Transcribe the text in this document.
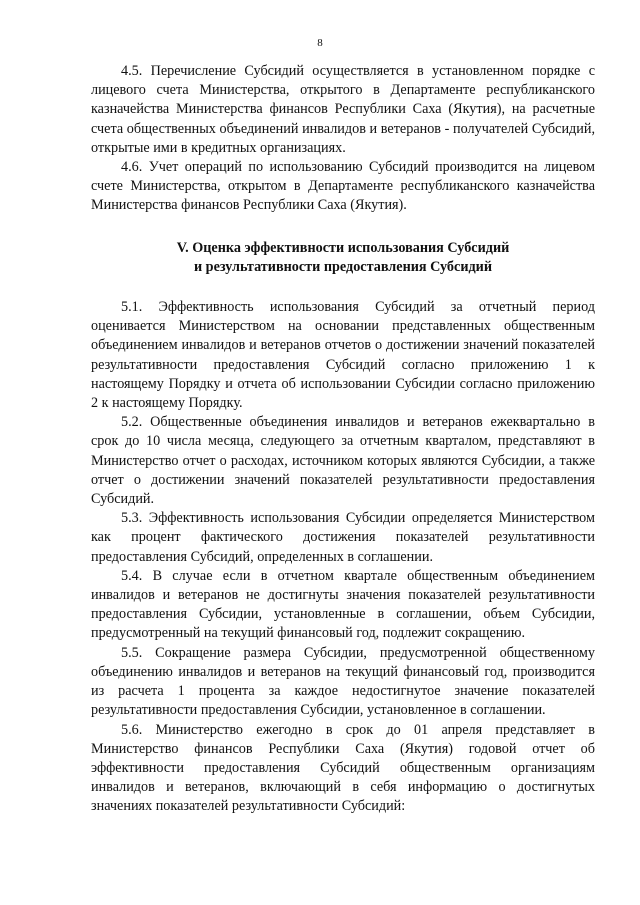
8

4.5. Перечисление Субсидий осуществляется в установленном порядке с лицевого счета Министерства, открытого в Департаменте республиканского казначейства Министерства финансов Республики Саха (Якутия), на расчетные счета общественных объединений инвалидов и ветеранов - получателей Субсидий, открытые ими в кредитных организациях.

4.6. Учет операций по использованию Субсидий производится на лицевом счете Министерства, открытом в Департаменте республиканского казначейства Министерства финансов Республики Саха (Якутия).

V. Оценка эффективности использования Субсидий
и результативности предоставления Субсидий

5.1. Эффективность использования Субсидий за отчетный период оценивается Министерством на основании представленных общественным объединением инвалидов и ветеранов отчетов о достижении значений показателей результативности предоставления Субсидий согласно приложению 1 к настоящему Порядку и отчета об использовании Субсидии согласно приложению 2 к настоящему Порядку.

5.2. Общественные объединения инвалидов и ветеранов ежеквартально в срок до 10 числа месяца, следующего за отчетным кварталом, представляют в Министерство отчет о расходах, источником которых являются Субсидии, а также отчет о достижении значений показателей результативности предоставления Субсидий.

5.3. Эффективность использования Субсидии определяется Министерством как процент фактического достижения показателей результативности предоставления Субсидий, определенных в соглашении.

5.4. В случае если в отчетном квартале общественным объединением инвалидов и ветеранов не достигнуты значения показателей результативности предоставления Субсидии, установленные в соглашении, объем Субсидии, предусмотренный на текущий финансовый год, подлежит сокращению.

5.5. Сокращение размера Субсидии, предусмотренной общественному объединению инвалидов и ветеранов на текущий финансовый год, производится из расчета 1 процента за каждое недостигнутое значение показателей результативности предоставления Субсидии, установленное в соглашении.

5.6. Министерство ежегодно в срок до 01 апреля представляет в Министерство финансов Республики Саха (Якутия) годовой отчет об эффективности предоставления Субсидий общественным организациям инвалидов и ветеранов, включающий в себя информацию о достигнутых значениях показателей результативности Субсидий:
